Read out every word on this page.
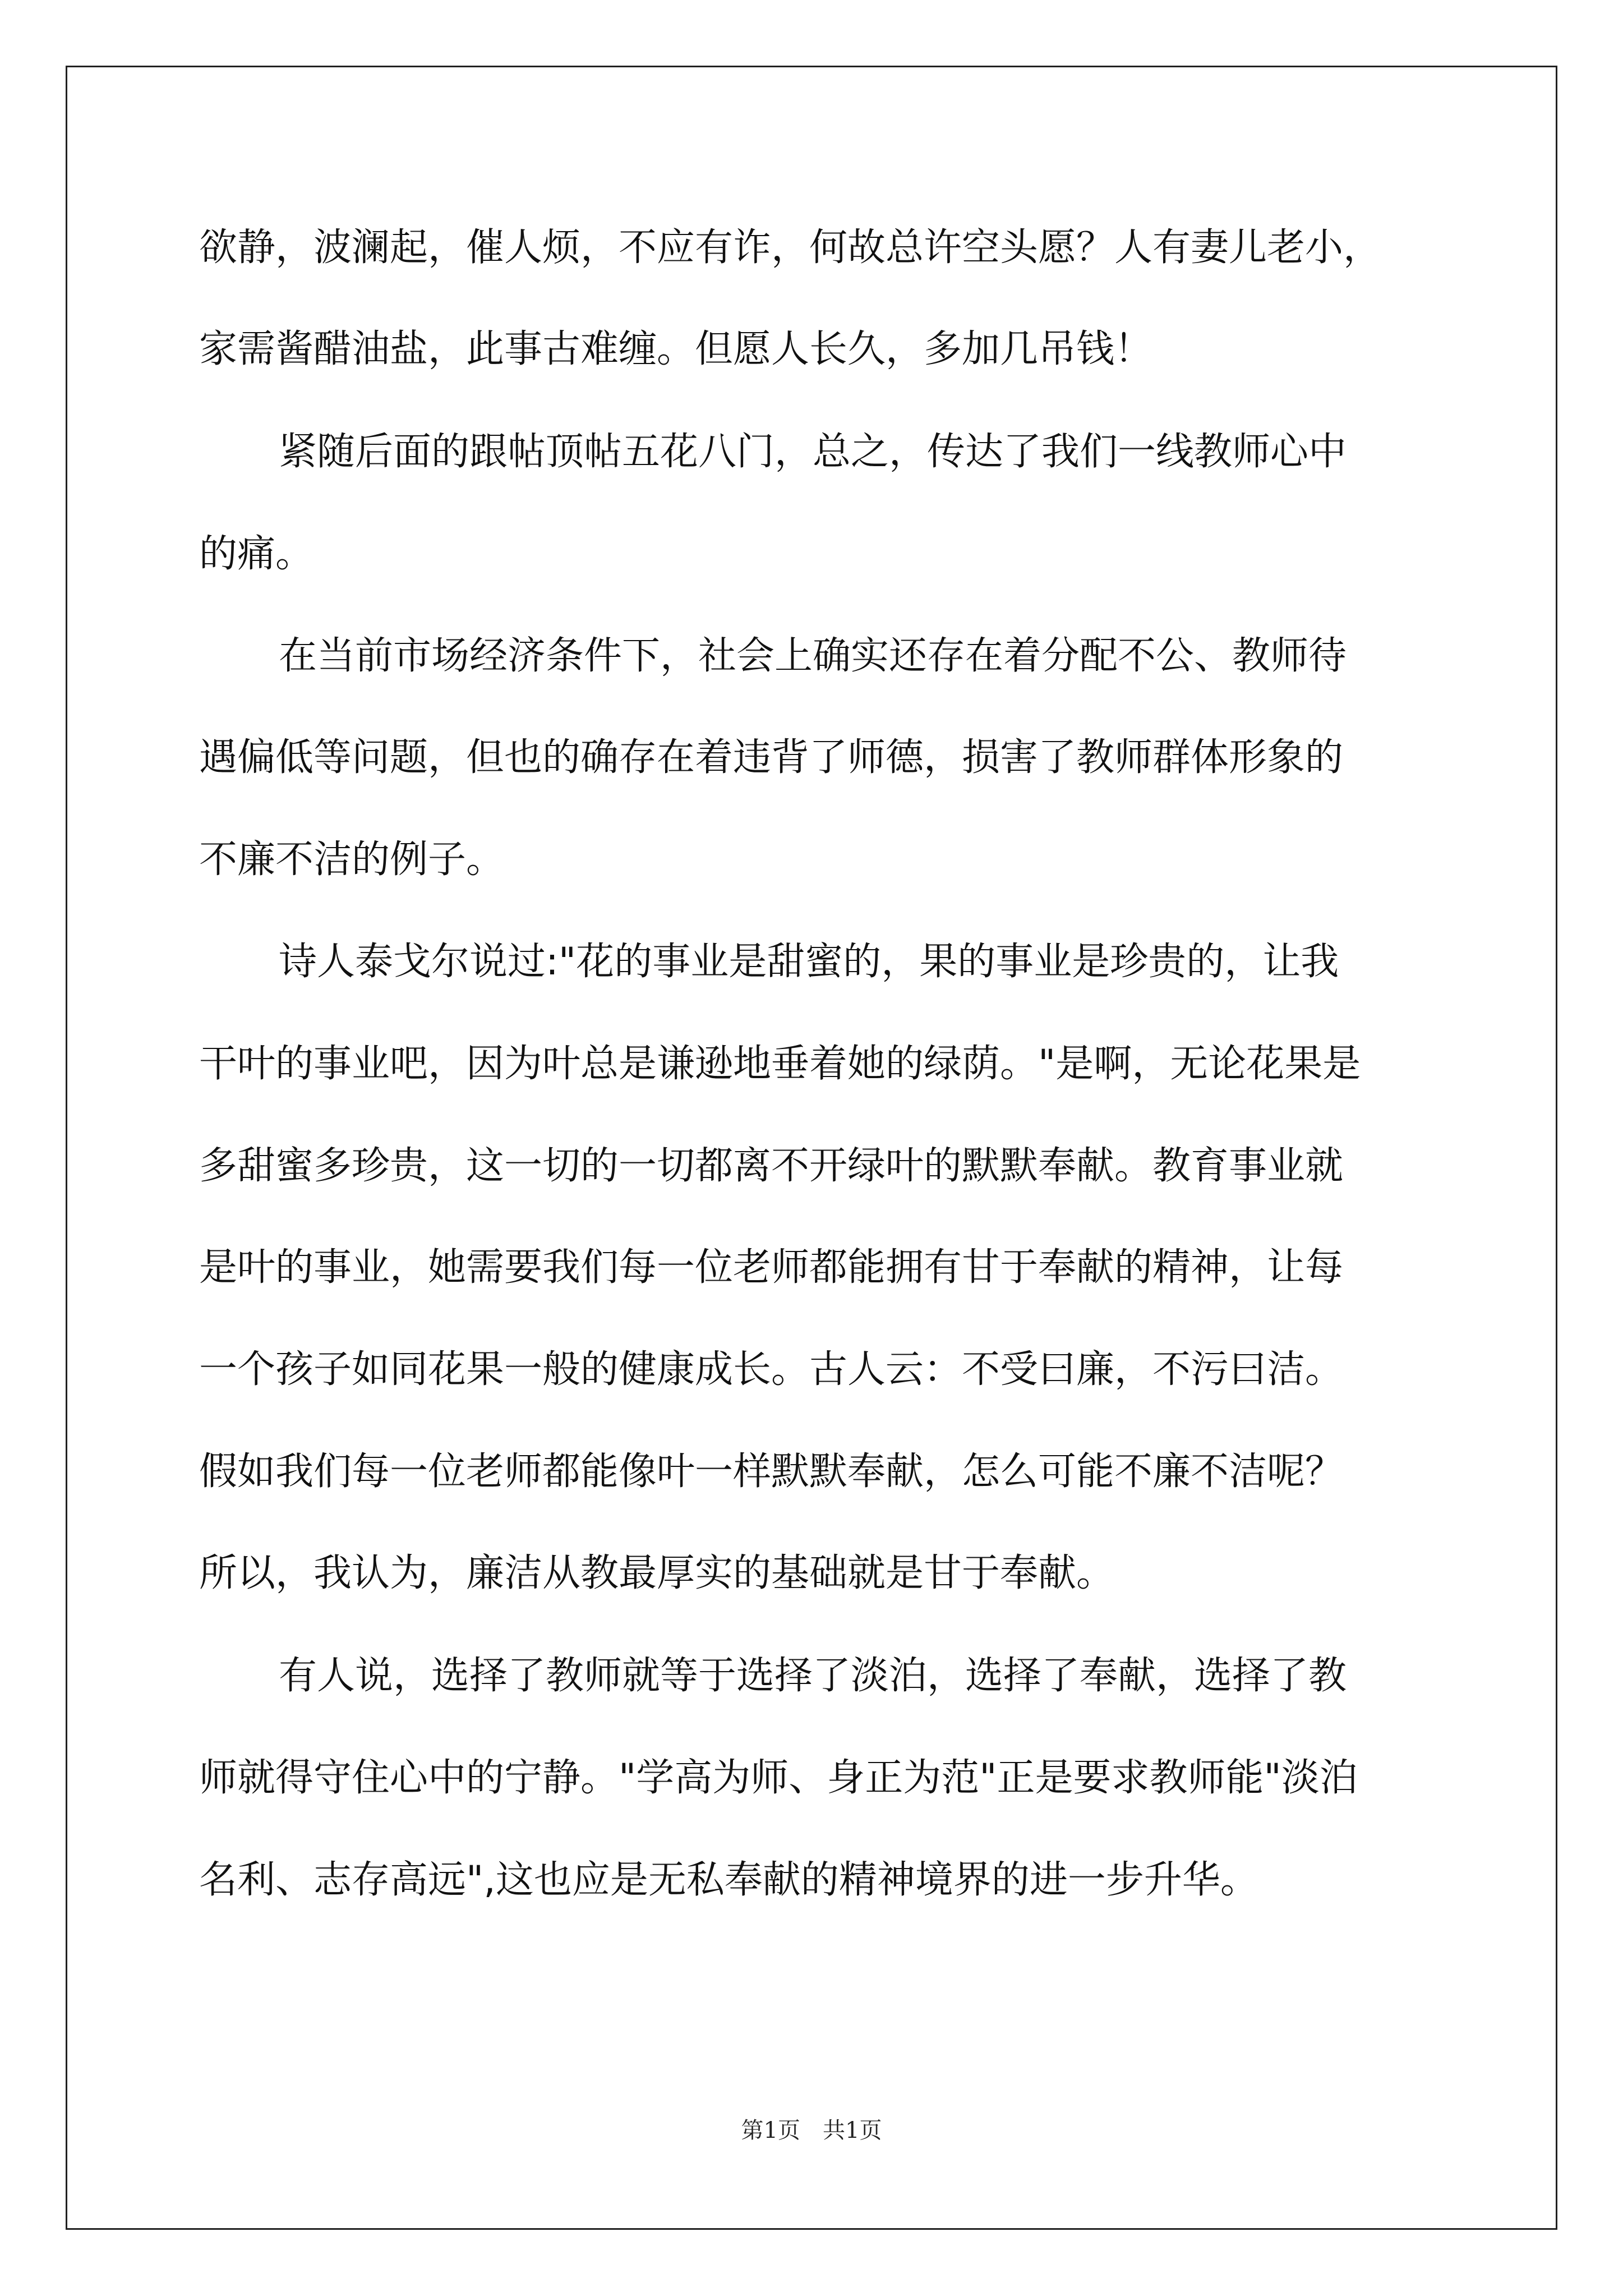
欲静，波澜起，催人烦，不应有诈，何故总许空头愿？人有妻儿老小，
家需酱醋油盐，此事古难缠。但愿人长久，多加几吊钱！
紧随后面的跟帖顶帖五花八门，总之，传达了我们一线教师心中
的痛。
在当前市场经济条件下，社会上确实还存在着分配不公、教师待
遇偏低等问题，但也的确存在着违背了师德，损害了教师群体形象的
不廉不洁的例子。
诗人泰戈尔说过:"花的事业是甜蜜的，果的事业是珍贵的，让我
干叶的事业吧，因为叶总是谦逊地垂着她的绿荫。"是啊，无论花果是
多甜蜜多珍贵，这一切的一切都离不开绿叶的默默奉献。教育事业就
是叶的事业，她需要我们每一位老师都能拥有甘于奉献的精神，让每
一个孩子如同花果一般的健康成长。古人云：不受曰廉，不污曰洁。
假如我们每一位老师都能像叶一样默默奉献，怎么可能不廉不洁呢？
所以，我认为，廉洁从教最厚实的基础就是甘于奉献。
有人说，选择了教师就等于选择了淡泊，选择了奉献，选择了教
师就得守住心中的宁静。"学高为师、身正为范"正是要求教师能"淡泊
名利、志存高远",这也应是无私奉献的精神境界的进一步升华。
第1页　共1页
